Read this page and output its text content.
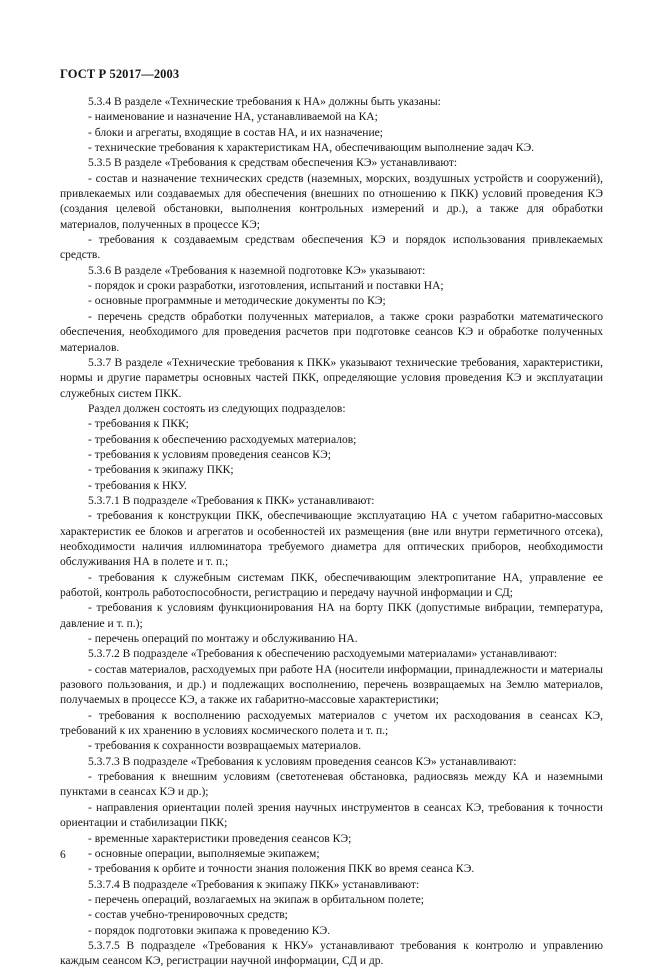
ГОСТ Р 52017—2003

5.3.4 В разделе «Технические требования к НА» должны быть указаны:

- наименование и назначение НА, устанавливаемой на КА;

- блоки и агрегаты, входящие в состав НА, и их назначение;

- технические требования к характеристикам НА, обеспечивающим выполнение задач КЭ.

5.3.5 В разделе «Требования к средствам обеспечения КЭ» устанавливают:

- состав и назначение технических средств (наземных, морских, воздушных устройств и сооружений), привлекаемых или создаваемых для обеспечения (внешних по отношению к ПКК) условий проведения КЭ (создания целевой обстановки, выполнения контрольных измерений и др.), а также для обработки материалов, полученных в процессе КЭ;

- требования к создаваемым средствам обеспечения КЭ и порядок использования привлекаемых средств.

5.3.6 В разделе «Требования к наземной подготовке КЭ» указывают:

- порядок и сроки разработки, изготовления, испытаний и поставки НА;

- основные программные и методические документы по КЭ;

- перечень средств обработки полученных материалов, а также сроки разработки математического обеспечения, необходимого для проведения расчетов при подготовке сеансов КЭ и обработке полученных материалов.

5.3.7 В разделе «Технические требования к ПКК» указывают технические требования, характеристики, нормы и другие параметры основных частей ПКК, определяющие условия проведения КЭ и эксплуатации служебных систем ПКК.

Раздел должен состоять из следующих подразделов:

- требования к ПКК;

- требования к обеспечению расходуемых материалов;

- требования к условиям проведения сеансов КЭ;

- требования к экипажу ПКК;

- требования к НКУ.

5.3.7.1 В подразделе «Требования к ПКК» устанавливают:

- требования к конструкции ПКК, обеспечивающие эксплуатацию НА с учетом габаритно-массовых характеристик ее блоков и агрегатов и особенностей их размещения (вне или внутри герметичного отсека), необходимости наличия иллюминатора требуемого диаметра для оптических приборов, необходимости обслуживания НА в полете и т. п.;

- требования к служебным системам ПКК, обеспечивающим электропитание НА, управление ее работой, контроль работоспособности, регистрацию и передачу научной информации и СД;

- требования к условиям функционирования НА на борту ПКК (допустимые вибрации, температура, давление и т. п.);

- перечень операций по монтажу и обслуживанию НА.

5.3.7.2 В подразделе «Требования к обеспечению расходуемыми материалами» устанавливают:

- состав материалов, расходуемых при работе НА (носители информации, принадлежности и материалы разового пользования, и др.) и подлежащих восполнению, перечень возвращаемых на Землю материалов, получаемых в процессе КЭ, а также их габаритно-массовые характеристики;

- требования к восполнению расходуемых материалов с учетом их расходования в сеансах КЭ, требований к их хранению в условиях космического полета и т. п.;

- требования к сохранности возвращаемых материалов.

5.3.7.3 В подразделе «Требования к условиям проведения сеансов КЭ» устанавливают:

- требования к внешним условиям (светотеневая обстановка, радиосвязь между КА и наземными пунктами в сеансах КЭ и др.);

- направления ориентации полей зрения научных инструментов в сеансах КЭ, требования к точности ориентации и стабилизации ПКК;

- временные характеристики проведения сеансов КЭ;

- основные операции, выполняемые экипажем;

- требования к орбите и точности знания положения ПКК во время сеанса КЭ.

5.3.7.4 В подразделе «Требования к экипажу ПКК» устанавливают:

- перечень операций, возлагаемых на экипаж в орбитальном полете;

- состав учебно-тренировочных средств;

- порядок подготовки экипажа к проведению КЭ.

5.3.7.5 В подразделе «Требования к НКУ» устанавливают требования к контролю и управлению каждым сеансом КЭ, регистрации научной информации, СД и др.

6
